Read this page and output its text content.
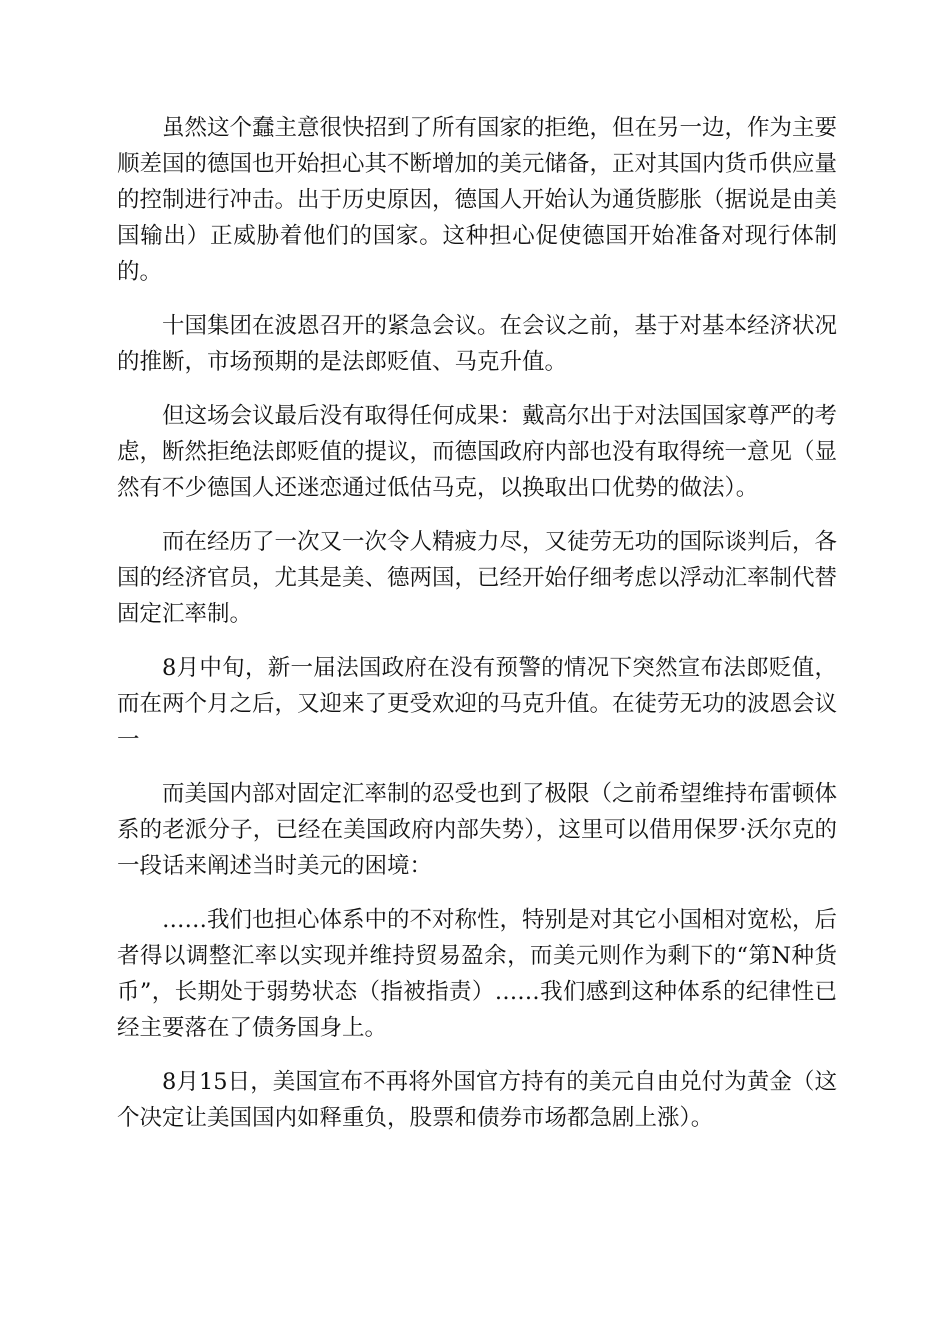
虽然这个蠢主意很快招到了所有国家的拒绝，但在另一边，作为主要顺差国的德国也开始担心其不断增加的美元储备，正对其国内货币供应量的控制进行冲击。出于历史原因，德国人开始认为通货膨胀（据说是由美国输出）正威胁着他们的国家。这种担心促使德国开始准备对现行体制的。

十国集团在波恩召开的紧急会议。在会议之前，基于对基本经济状况的推断，市场预期的是法郎贬值、马克升值。

但这场会议最后没有取得任何成果：戴高尔出于对法国国家尊严的考虑，断然拒绝法郎贬值的提议，而德国政府内部也没有取得统一意见（显然有不少德国人还迷恋通过低估马克，以换取出口优势的做法）。

而在经历了一次又一次令人精疲力尽，又徒劳无功的国际谈判后，各国的经济官员，尤其是美、德两国，已经开始仔细考虑以浮动汇率制代替固定汇率制。

8月中旬，新一届法国政府在没有预警的情况下突然宣布法郎贬值，而在两个月之后，又迎来了更受欢迎的马克升值。在徒劳无功的波恩会议一

而美国内部对固定汇率制的忍受也到了极限（之前希望维持布雷顿体系的老派分子，已经在美国政府内部失势），这里可以借用保罗·沃尔克的一段话来阐述当时美元的困境：

……我们也担心体系中的不对称性，特别是对其它小国相对宽松，后者得以调整汇率以实现并维持贸易盈余，而美元则作为剩下的“第N种货币”，长期处于弱势状态（指被指责）……我们感到这种体系的纪律性已经主要落在了债务国身上。

8月15日，美国宣布不再将外国官方持有的美元自由兑付为黄金（这个决定让美国国内如释重负，股票和债券市场都急剧上涨）。
